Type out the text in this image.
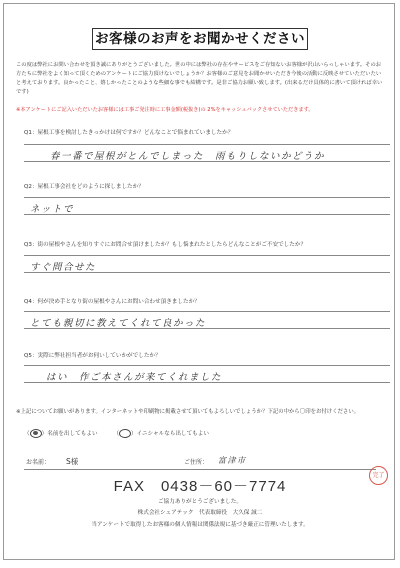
お客様のお声をお聞かせください
この度は弊社にお問い合わせを頂き誠にありがとうございました。世の中には弊社の存在やサービスをご存知ないお客様が沢山いらっしゃいます。そのお方たちに弊社をよく知って頂くためのアンケートにご協力頂けないでしょうか？お客様のご意見をお聞かせいただき今後の活動に反映させていただいたいと考えております。良かったこと、嬉しかったことのような些細な事でも結構です。是非ご協力お願い致します。(出来るだけ具体的に書いて頂ければ幸いです)
※本アンケートにご記入いただいたお客様には工事ご発注時に工事金額(税抜き)の 2%をキャッシュバックさせていただきます。
Q1：屋根工事を検討したきっかけは何ですか？どんなことで悩まれていましたか？
春一番で屋根がとんでしまった　雨もりしないかどうか
Q2：屋根工事会社をどのように探しましたか？
ネットで
Q3：街の屋根やさんを知りすぐにお問合せ頂けましたか？もし悩まれたとしたらどんなことがご不安でしたか？
すぐ問合せた
Q4：何が決め手となり街の屋根やさんにお問い合わせ頂きましたか？
とても親切に教えてくれて良かった
Q5：実際に弊社担当者がお伺いしていかがでしたか？
はい　作ご本さんが来てくれました
※上記についてお願いがあります。インターネットや印刷物に掲載させて頂いてもよろしいでしょうか？下記の中から〇印をお付けください。
（ ）名前を出してもよい	（ ）イニシャルなら出してもよい
お名前： S様	ご住所： 富津市
完了
FAX　0438－60－7774
ご協力ありがとうございました。
株式会社シュアテック　代表取締役　大久保 誠二
当アンケートで取得したお客様の個人情報は関係法規に基づき厳正に管理いたします。
